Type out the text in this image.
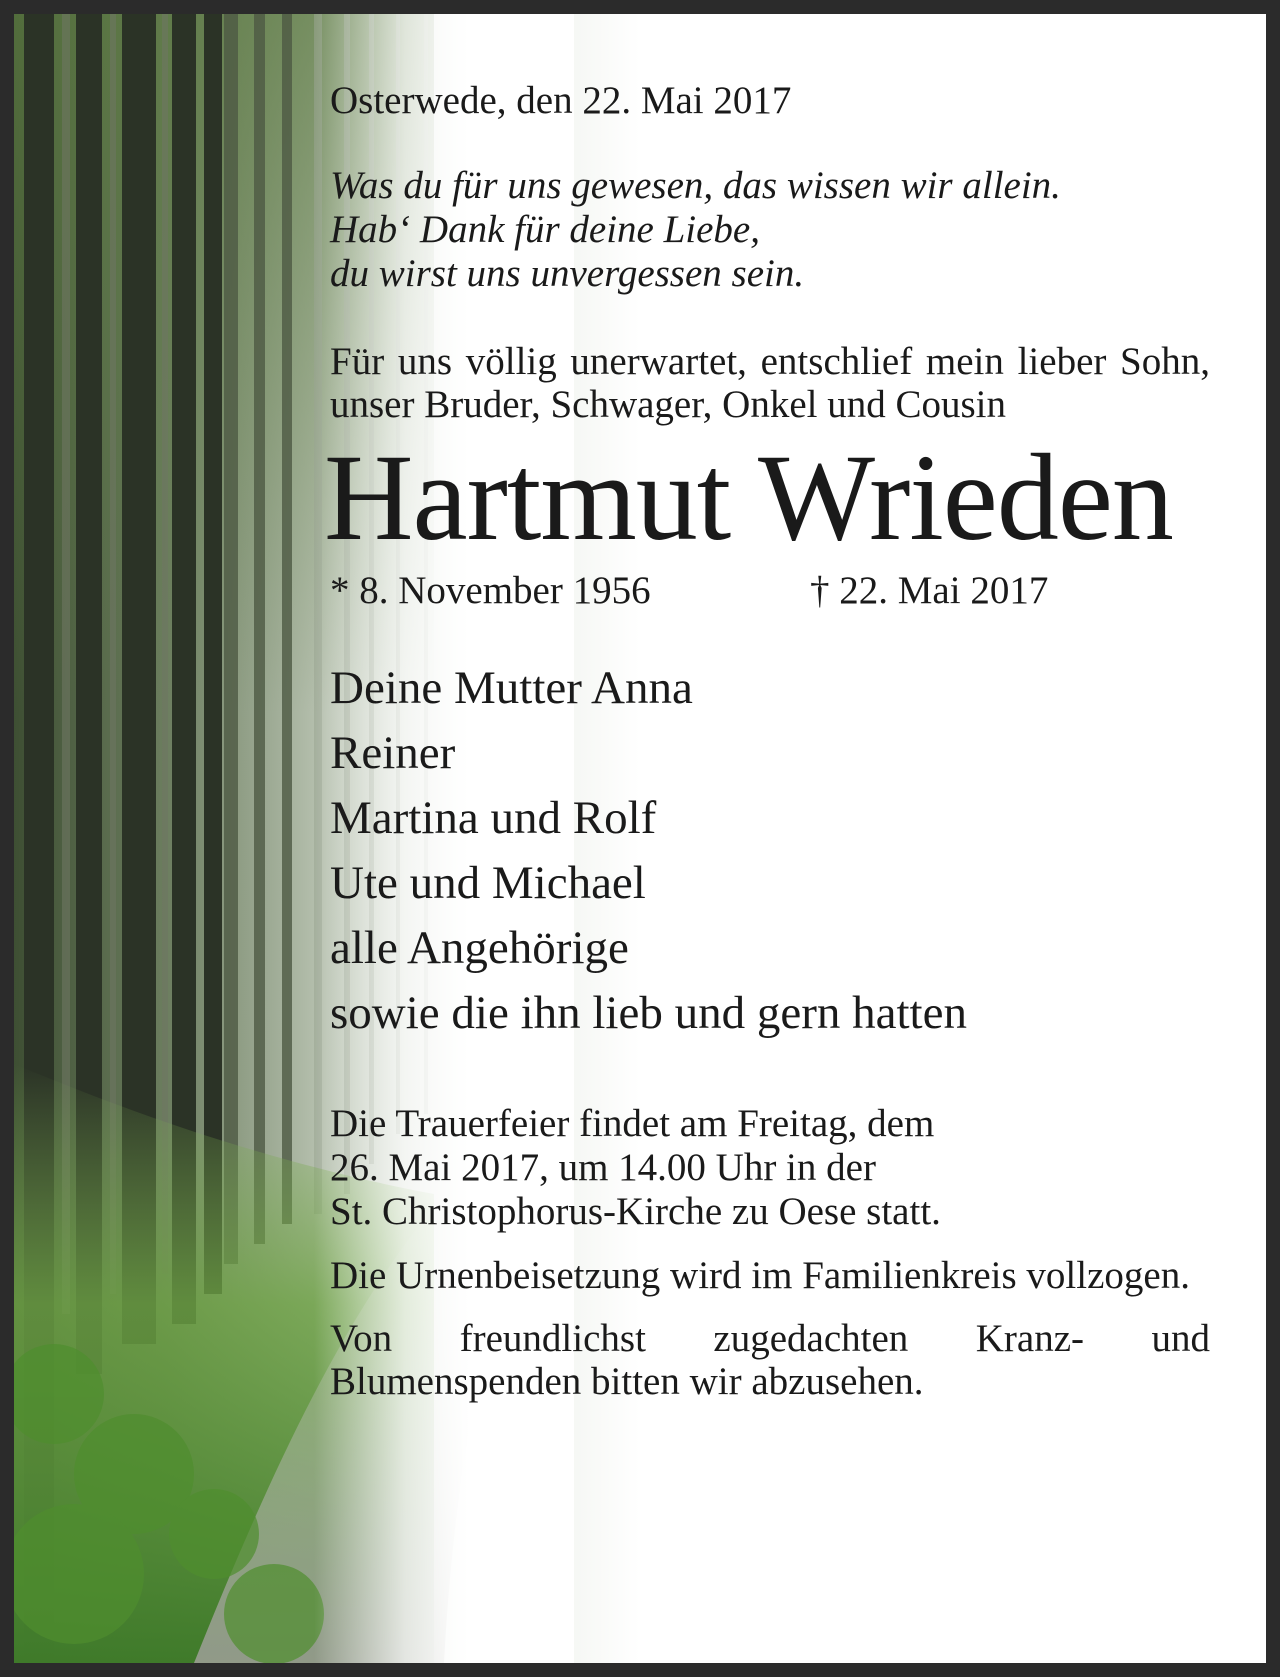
Osterwede, den 22. Mai 2017

Was du für uns gewesen, das wissen wir allein.
Hab‘ Dank für deine Liebe,
du wirst uns unvergessen sein.

Für uns völlig unerwartet, entschlief mein lieber Sohn, unser Bruder, Schwager, Onkel und Cousin

Hartmut Wrieden
* 8. November 1956	† 22. Mai 2017
Deine Mutter Anna
Reiner
Martina und Rolf
Ute und Michael
alle Angehörige
sowie die ihn lieb und gern hatten
Die Trauerfeier findet am Freitag, dem
26. Mai 2017, um 14.00 Uhr in der
St. Christophorus-Kirche zu Oese statt.

Die Urnenbeisetzung wird im Familienkreis vollzogen.

Von freundlichst zugedachten Kranz- und Blumenspenden bitten wir abzusehen.
